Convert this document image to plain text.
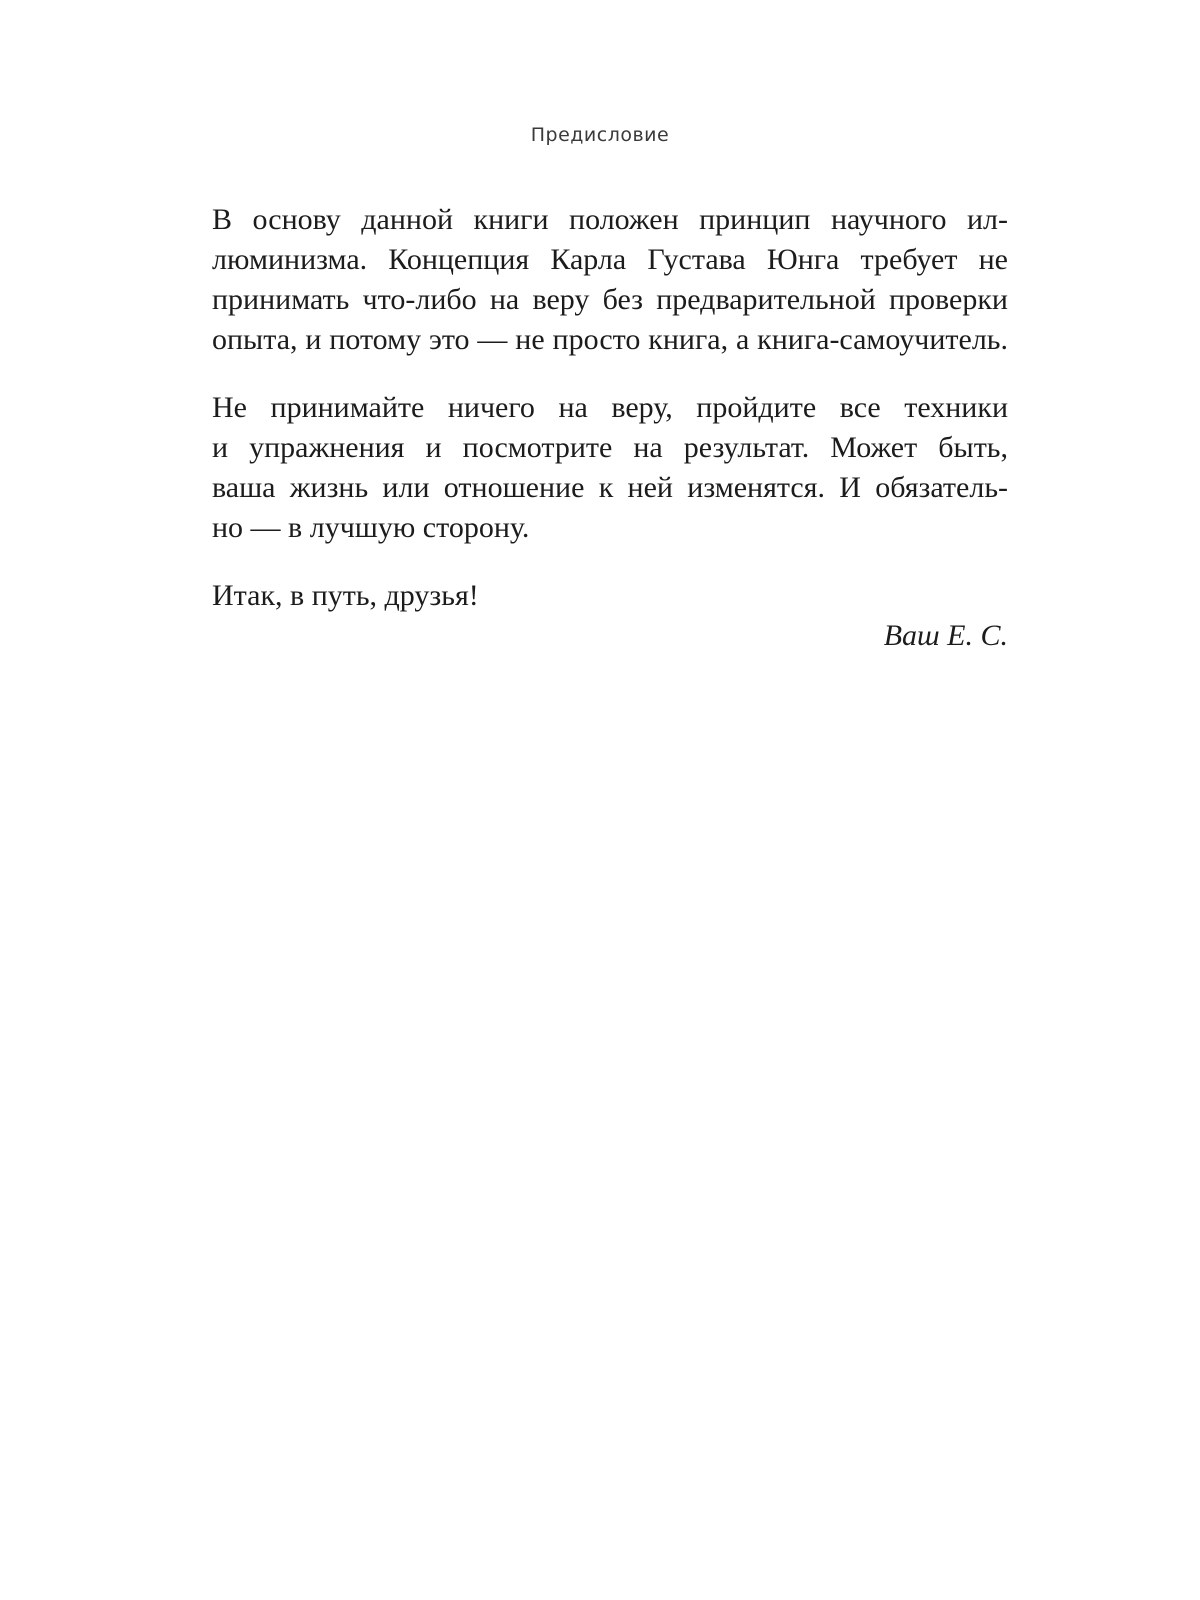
Предисловие
В основу данной книги положен принцип научного ил-
люминизма. Концепция Карла Густава Юнга требует не
принимать что-либо на веру без предварительной проверки
опыта, и потому это — не просто книга, а книга-самоучитель.
Не принимайте ничего на веру, пройдите все техники
и упражнения и посмотрите на результат. Может быть,
ваша жизнь или отношение к ней изменятся. И обязатель-
но — в лучшую сторону.
Итак, в путь, друзья!
Ваш Е. С.
